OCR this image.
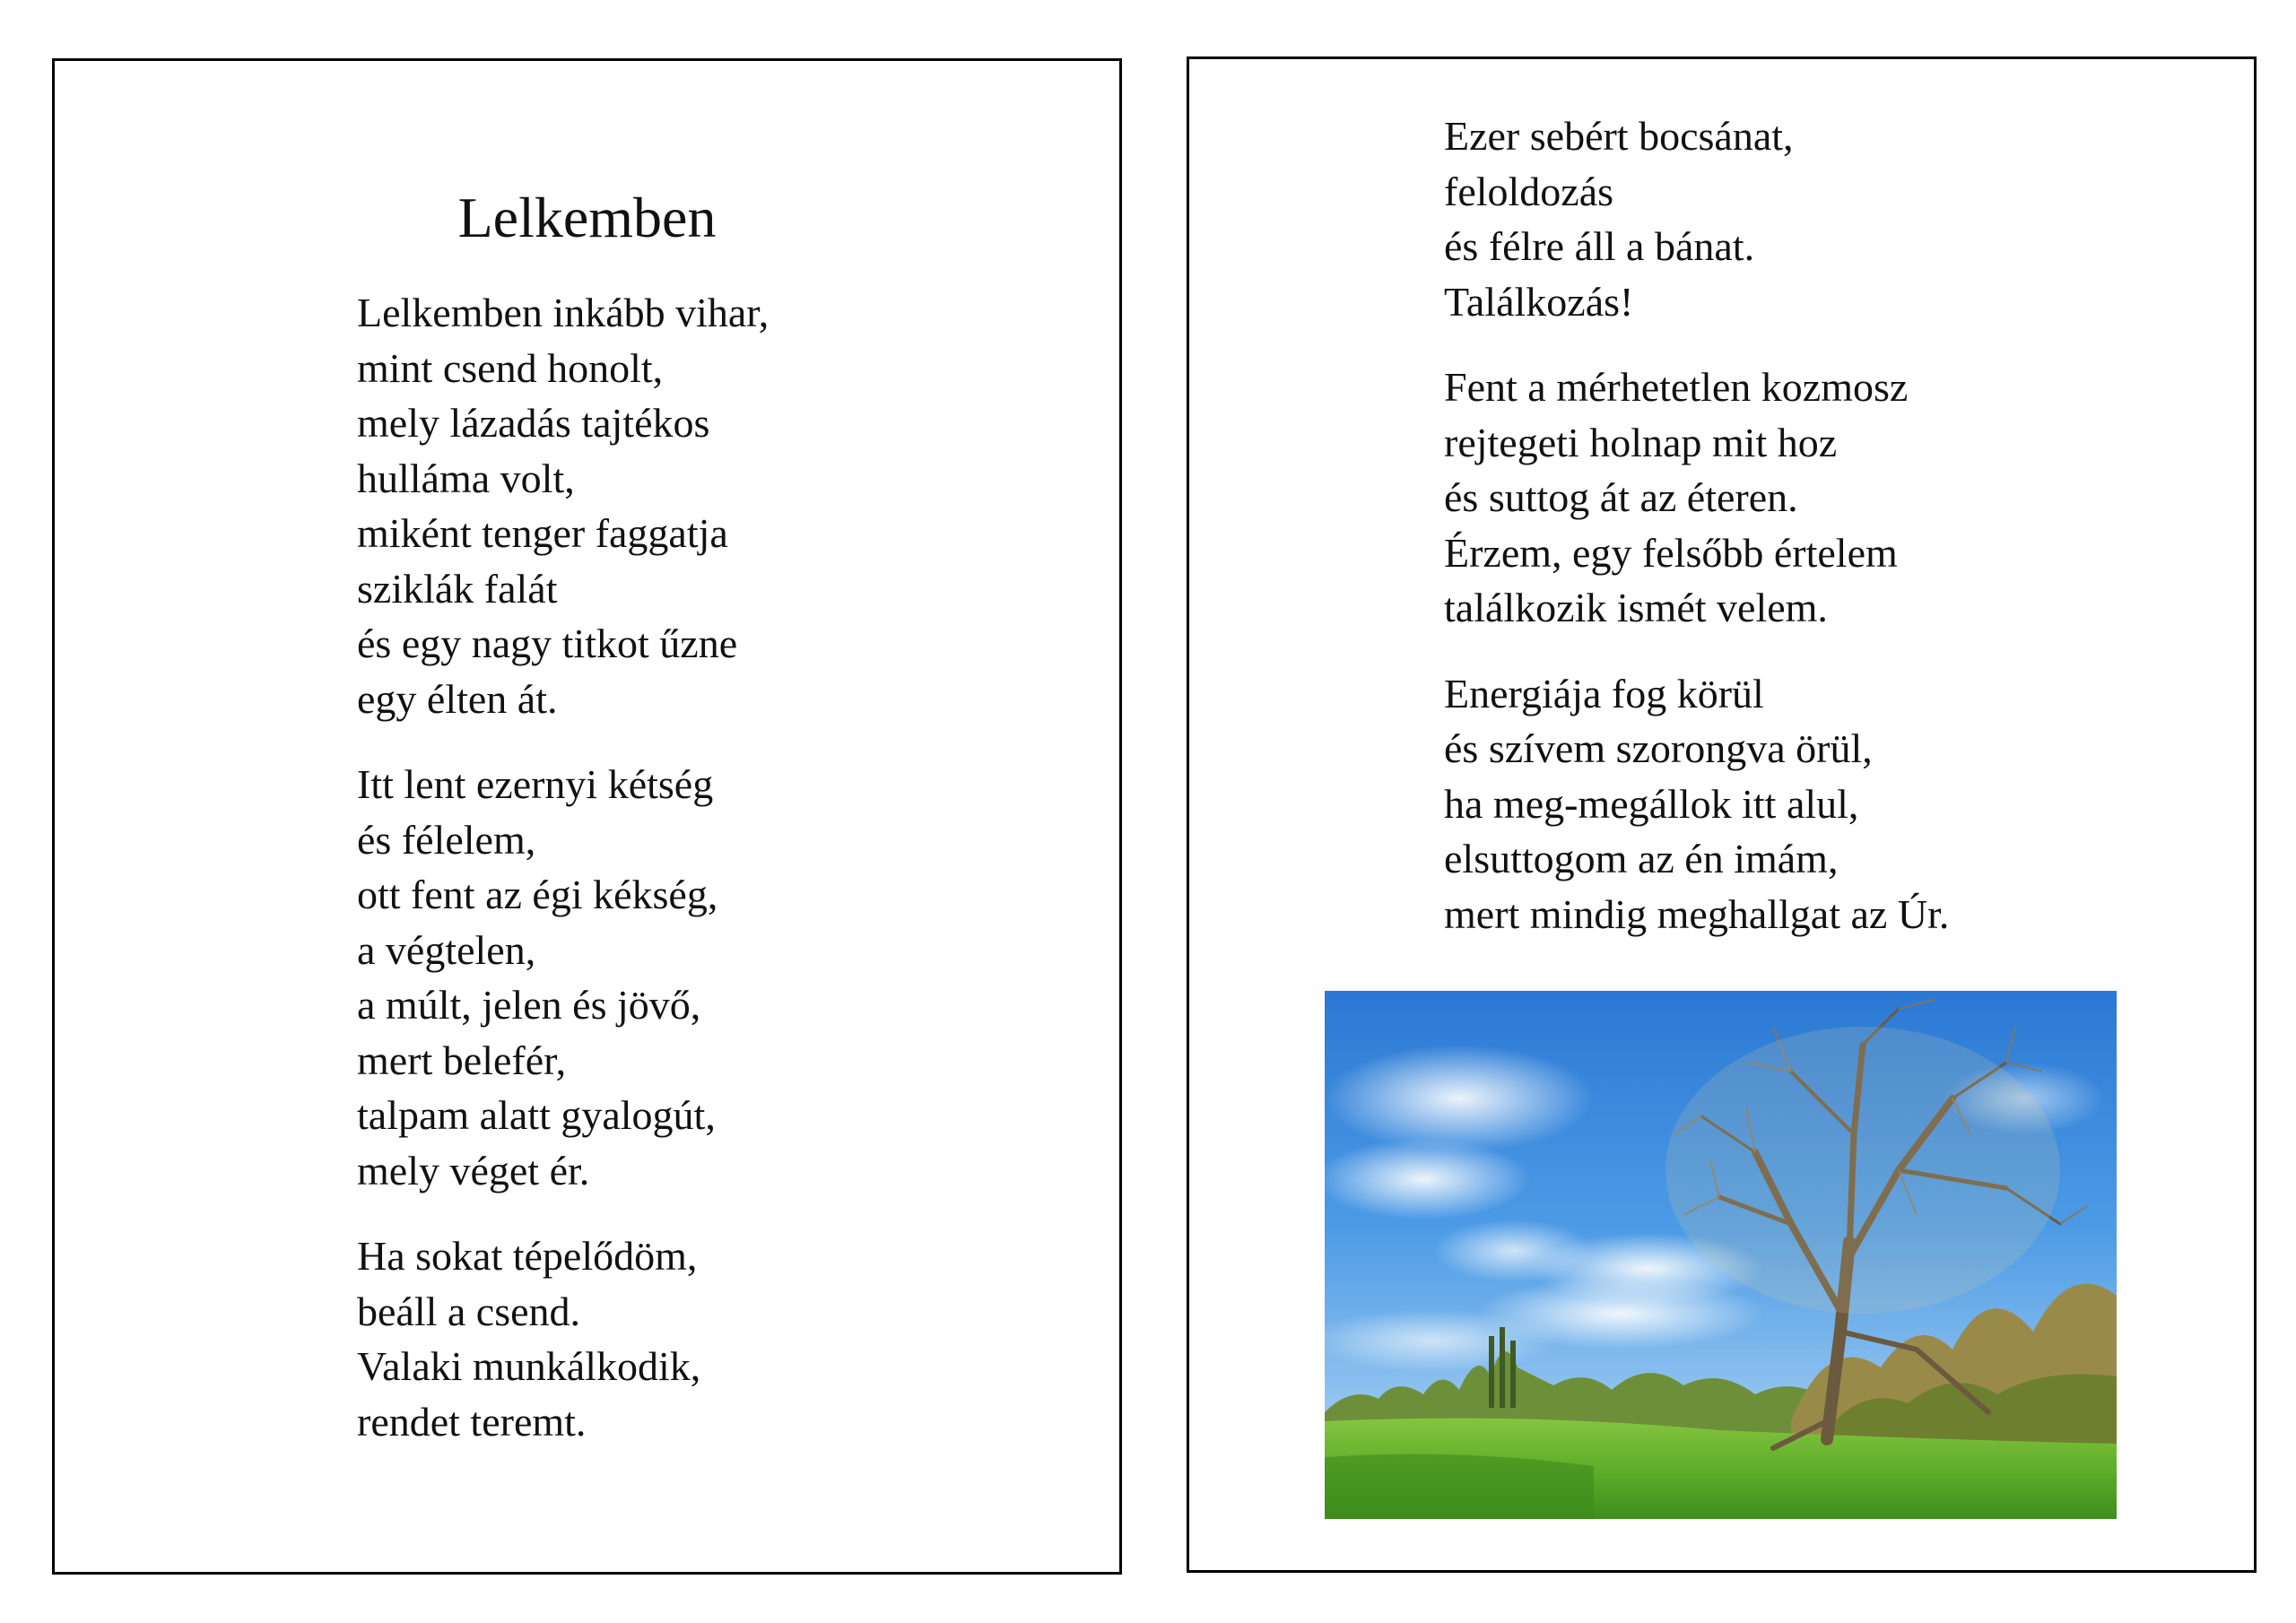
Lelkemben

Lelkemben inkább vihar,
mint csend honolt,
mely lázadás tajtékos
hulláma volt,
miként tenger faggatja
sziklák falát
és egy nagy titkot űzne
egy élten át.

Itt lent ezernyi kétség
és félelem,
ott fent az égi kékség,
a végtelen,
a múlt, jelen és jövő,
mert belefér,
talpam alatt gyalogút,
mely véget ér.

Ha sokat tépelődöm,
beáll a csend.
Valaki munkálkodik,
rendet teremt.

Ezer sebért bocsánat,
feloldozás
és félre áll a bánat.
Találkozás!

Fent a mérhetetlen kozmosz
rejtegeti holnap mit hoz
és suttog át az éteren.
Érzem, egy felsőbb értelem
találkozik ismét velem.

Energiája fog körül
és szívem szorongva örül,
ha meg-megállok itt alul,
elsuttogom az én imám,
mert mindig meghallgat az Úr.
